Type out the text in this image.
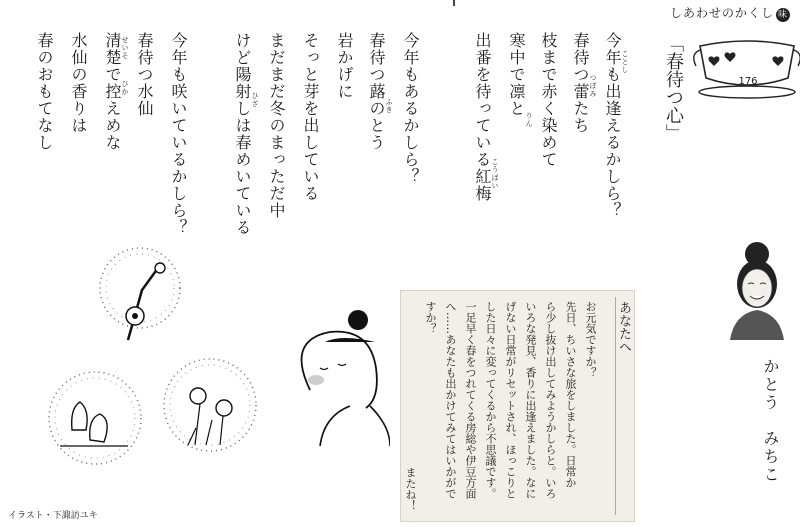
今年も出逢えるかしら？
春待つ蕾たち
枝まで赤く染めて
寒中で凛と
出番を待っている紅梅
今年もあるかしら？
春待つ蕗のとう
岩かげに
そっと芽を出している
まだまだ冬のまっただ中
けど陽射しは春めいている
今年も咲いているかしら？
春待つ水仙
清楚で控えめな
水仙の香りは
春のおもてなし	ことし
つぼみ
りん
こうばい
ふき
ひざ
せいそ
ひか
しあわせのかくし 味
176
「春待つ心」
あなたへ
お元気ですか？
先日、ちいさな旅をしました。日常か
ら少し抜け出してみようかしらと。いろ
いろな発見、香りに出逢えました。なに
げない日常がリセットされ、ほっこりと
した日々に変ってくるから不思議です。
一足早く春をつれてくる房総や伊豆方面
へ……あなたも出かけてみてはいかがで
すか？
またね！
かとう　みちこ
イラスト・下諏訪ユキ
